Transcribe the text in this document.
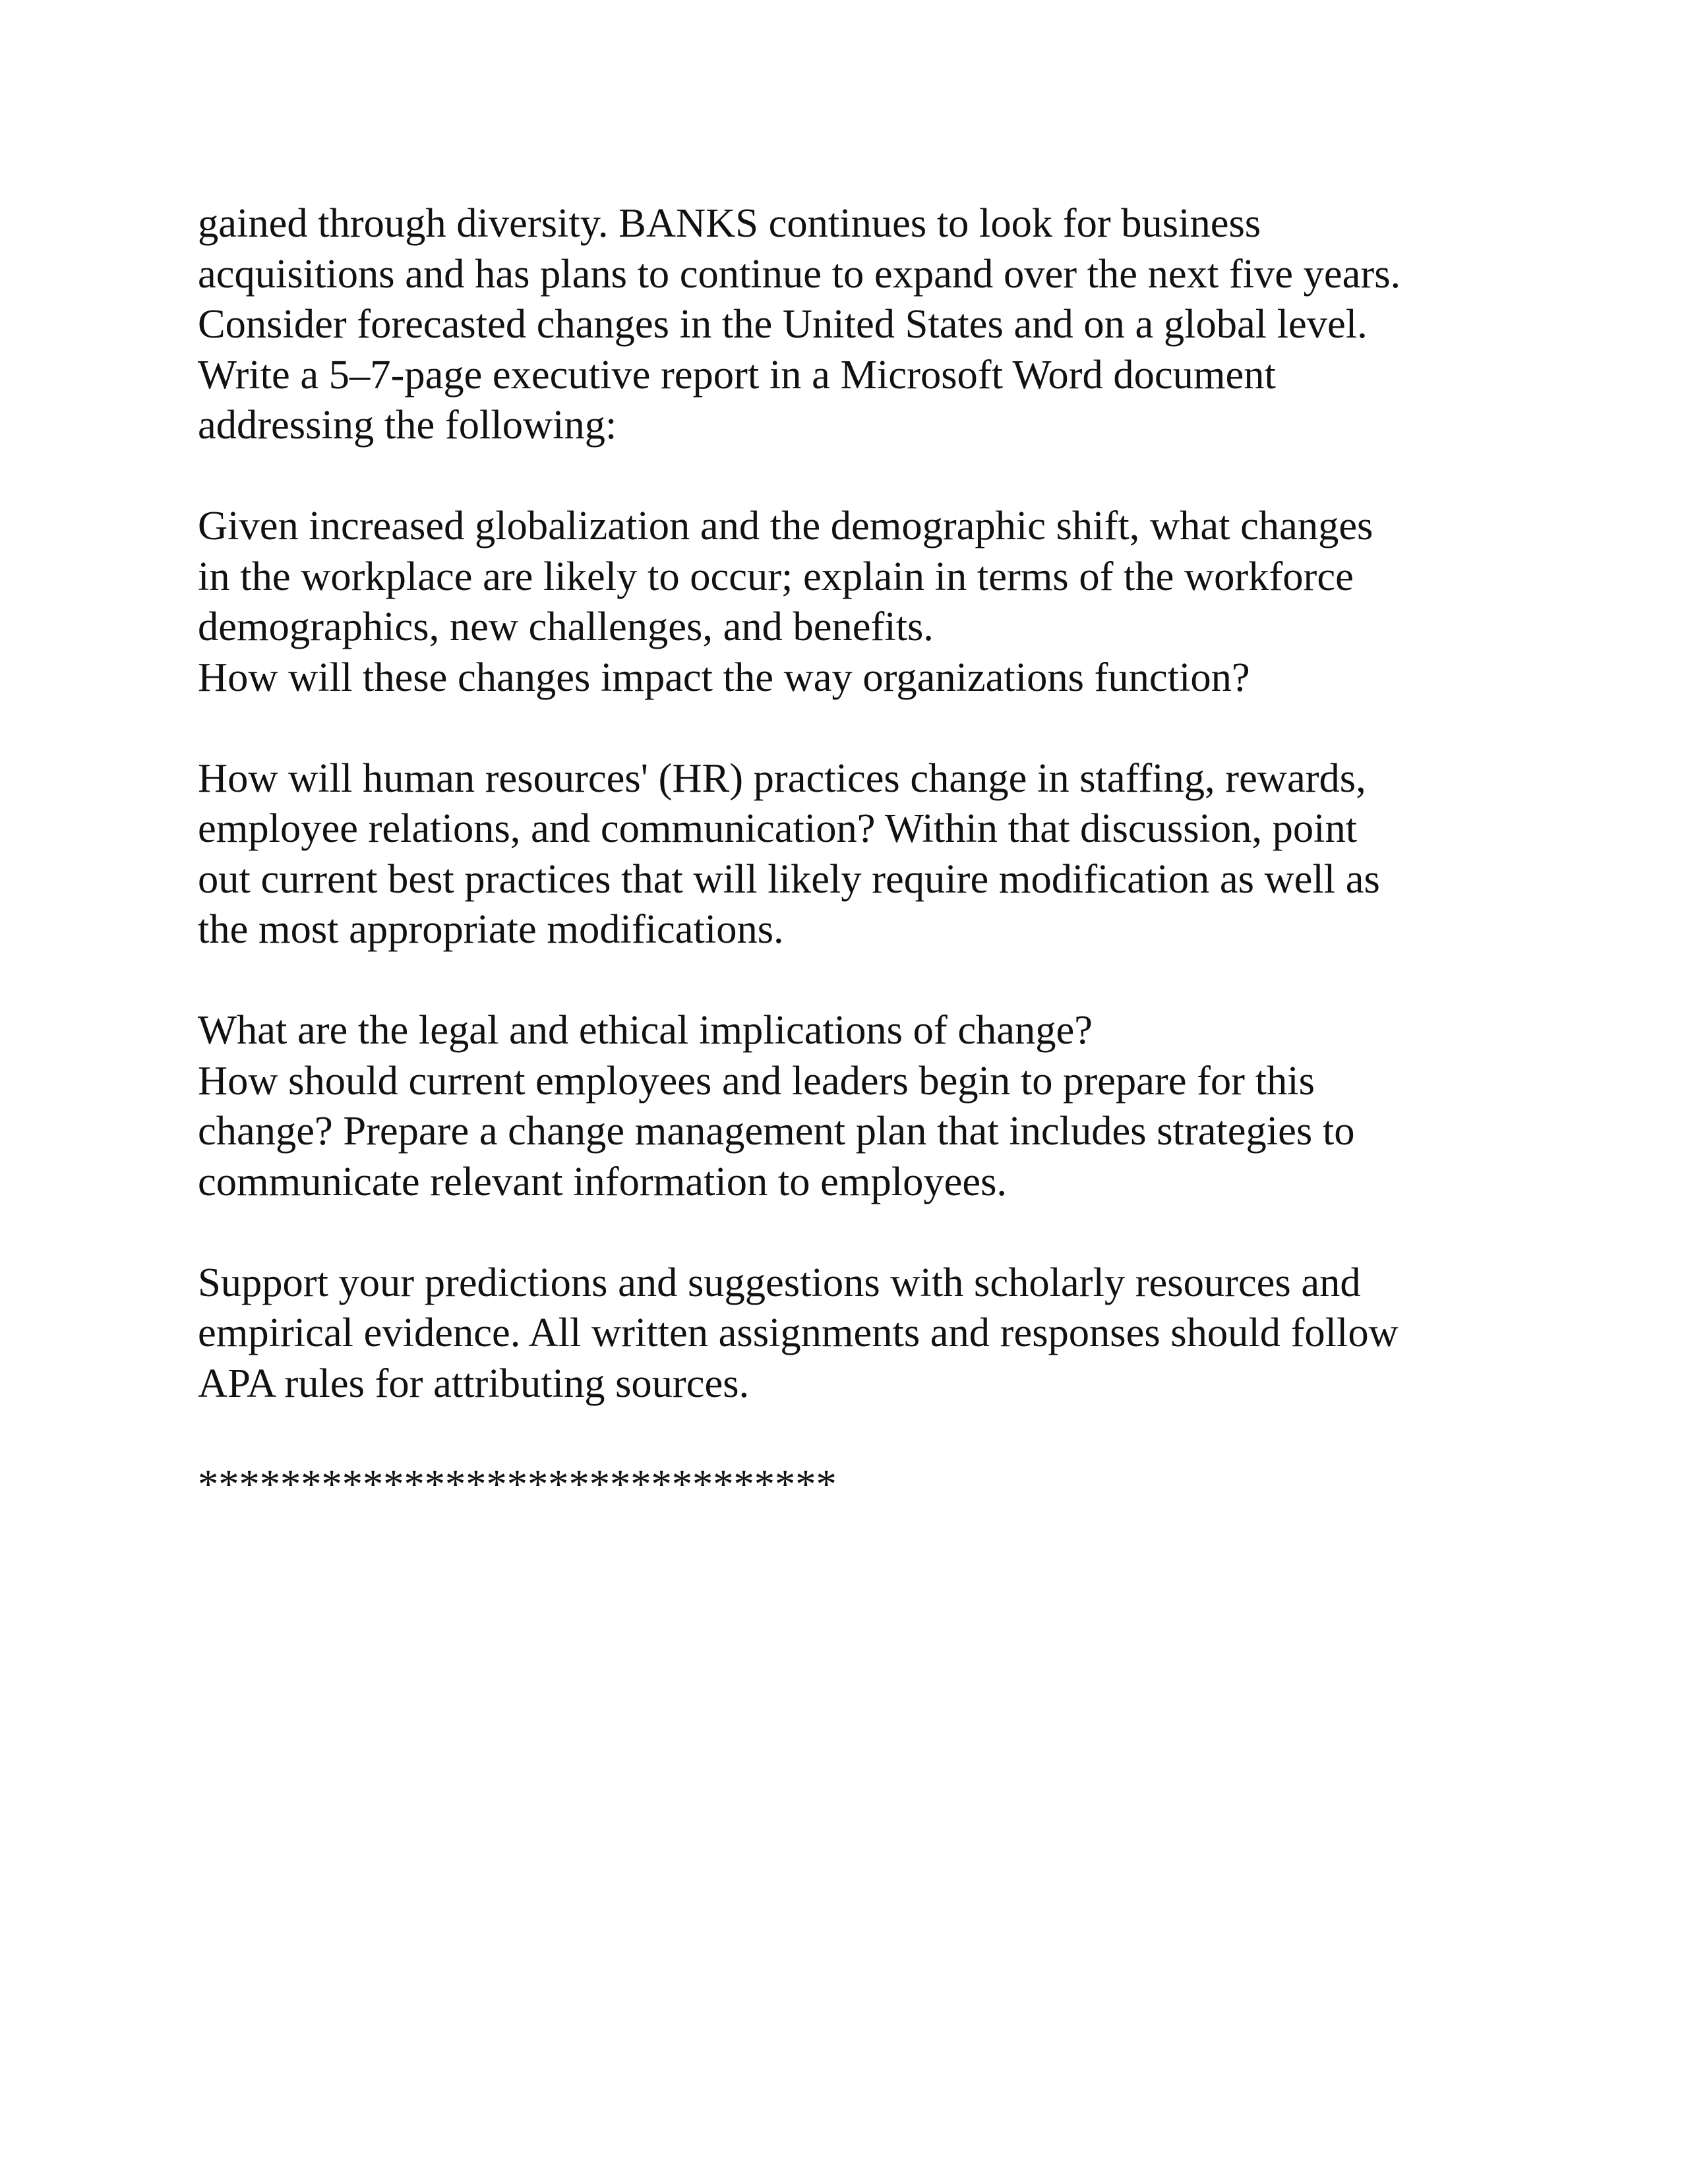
gained through diversity. BANKS continues to look for business
acquisitions and has plans to continue to expand over the next five years.
Consider forecasted changes in the United States and on a global level.
Write a 5–7-page executive report in a Microsoft Word document
addressing the following:
Given increased globalization and the demographic shift, what changes
in the workplace are likely to occur; explain in terms of the workforce
demographics, new challenges, and benefits.
How will these changes impact the way organizations function?
How will human resources' (HR) practices change in staffing, rewards,
employee relations, and communication? Within that discussion, point
out current best practices that will likely require modification as well as
the most appropriate modifications.
What are the legal and ethical implications of change?
How should current employees and leaders begin to prepare for this
change? Prepare a change management plan that includes strategies to
communicate relevant information to employees.
Support your predictions and suggestions with scholarly resources and
empirical evidence. All written assignments and responses should follow
APA rules for attributing sources.
*******************************
